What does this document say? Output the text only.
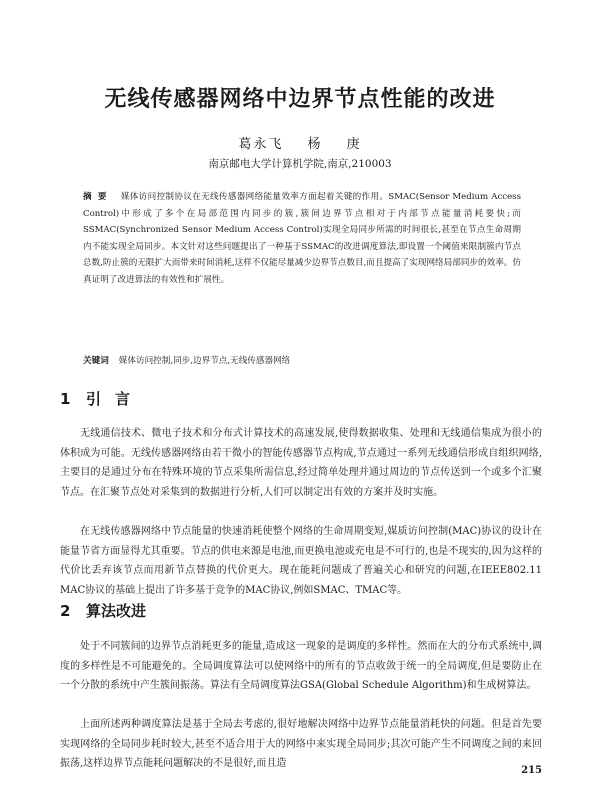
无线传感器网络中边界节点性能的改进
葛永飞 杨 庚
南京邮电大学计算机学院,南京,210003

摘要 媒体访问控制协议在无线传感器网络能量效率方面起着关键的作用。SMAC(Sensor Medium Access Control)中形成了多个在局部范围内同步的簇,簇间边界节点相对于内部节点能量消耗要快;而SSMAC(Synchronized Sensor Medium Access Control)实现全局同步所需的时间很长,甚至在节点生命周期内不能实现全局同步。本文针对这些问题提出了一种基于SSMAC的改进调度算法,即设置一个阈值来限制簇内节点总数,防止簇的无限扩大而带来时间消耗,这样不仅能尽量减少边界节点数目,而且提高了实现网络局部同步的效率。仿真证明了改进算法的有效性和扩展性。

关键词 媒体访问控制,同步,边界节点,无线传感器网络

1 引言

无线通信技术、微电子技术和分布式计算技术的高速发展,使得数据收集、处理和无线通信集成为很小的体积成为可能。无线传感器网络由若干微小的智能传感器节点构成,节点通过一系列无线通信形成自组织网络,主要目的是通过分布在特殊环境的节点采集所需信息,经过简单处理并通过周边的节点传送到一个或多个汇聚节点。在汇聚节点处对采集到的数据进行分析,人们可以制定出有效的方案并及时实施。

在无线传感器网络中节点能量的快速消耗使整个网络的生命周期变短,媒质访问控制(MAC)协议的设计在能量节省方面显得尤其重要。节点的供电来源是电池,而更换电池或充电是不可行的,也是不现实的,因为这样的代价比丢弃该节点而用新节点替换的代价更大。现在能耗问题成了普遍关心和研究的问题,在IEEE802.11 MAC协议的基础上提出了许多基于竞争的MAC协议,例如SMAC、TMAC等。

2 算法改进

处于不同簇间的边界节点消耗更多的能量,造成这一现象的是调度的多样性。然而在大的分布式系统中,调度的多样性是不可能避免的。全局调度算法可以使网络中的所有的节点收敛于统一的全局调度,但是要防止在一个分散的系统中产生簇间振荡。算法有全局调度算法GSA(Global Schedule Algorithm)和生成树算法。

上面所述两种调度算法是基于全局去考虑的,很好地解决网络中边界节点能量消耗快的问题。但是首先要实现网络的全局同步耗时较大,甚至不适合用于大的网络中来实现全局同步;其次可能产生不同调度之间的来回振荡,这样边界节点能耗问题解决的不是很好,而且造

215
